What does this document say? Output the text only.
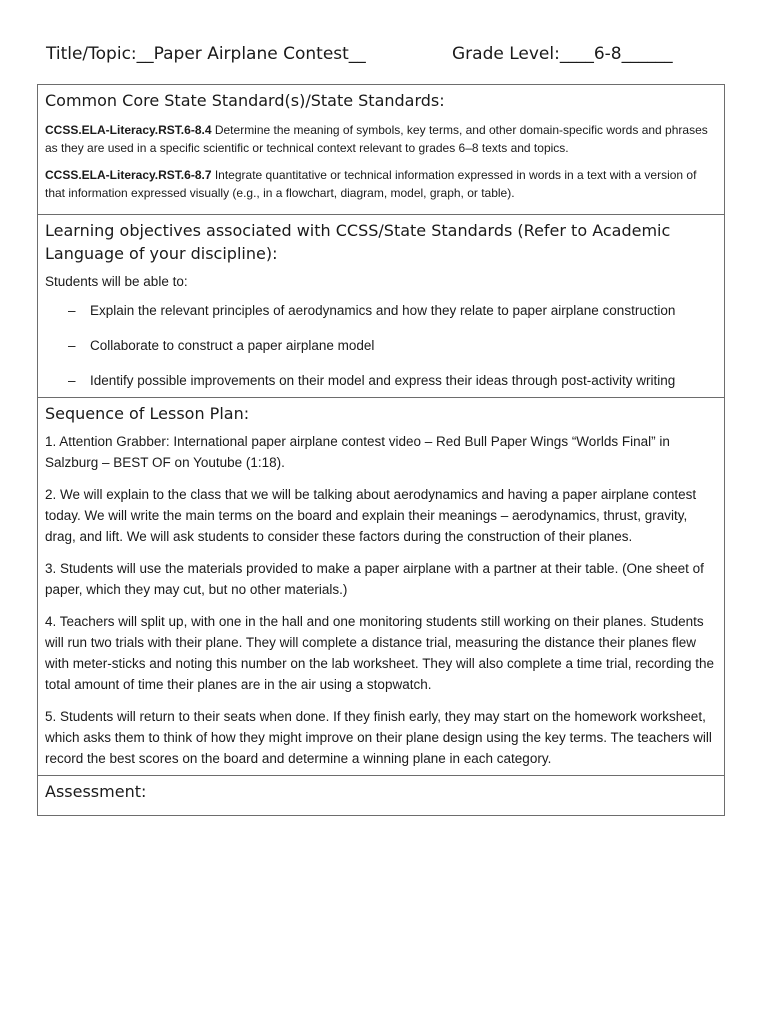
Title/Topic:__Paper Airplane Contest__	Grade Level:____6-8______
Common Core State Standard(s)/State Standards:

CCSS.ELA-Literacy.RST.6-8.4 Determine the meaning of symbols, key terms, and other domain-specific words and phrases as they are used in a specific scientific or technical context relevant to grades 6–8 texts and topics.

CCSS.ELA-Literacy.RST.6-8.7 Integrate quantitative or technical information expressed in words in a text with a version of that information expressed visually (e.g., in a flowchart, diagram, model, graph, or table).

Learning objectives associated with CCSS/State Standards (Refer to Academic Language of your discipline):

Students will be able to:

– Explain the relevant principles of aerodynamics and how they relate to paper airplane construction
– Collaborate to construct a paper airplane model
– Identify possible improvements on their model and express their ideas through post-activity writing
Sequence of Lesson Plan:

1. Attention Grabber: International paper airplane contest video – Red Bull Paper Wings “Worlds Final” in Salzburg – BEST OF on Youtube (1:18).

2. We will explain to the class that we will be talking about aerodynamics and having a paper airplane contest today. We will write the main terms on the board and explain their meanings – aerodynamics, thrust, gravity, drag, and lift. We will ask students to consider these factors during the construction of their planes.

3. Students will use the materials provided to make a paper airplane with a partner at their table. (One sheet of paper, which they may cut, but no other materials.)

4. Teachers will split up, with one in the hall and one monitoring students still working on their planes. Students will run two trials with their plane. They will complete a distance trial, measuring the distance their planes flew with meter-sticks and noting this number on the lab worksheet. They will also complete a time trial, recording the total amount of time their planes are in the air using a stopwatch.

5. Students will return to their seats when done. If they finish early, they may start on the homework worksheet, which asks them to think of how they might improve on their plane design using the key terms. The teachers will record the best scores on the board and determine a winning plane in each category.

Assessment:
